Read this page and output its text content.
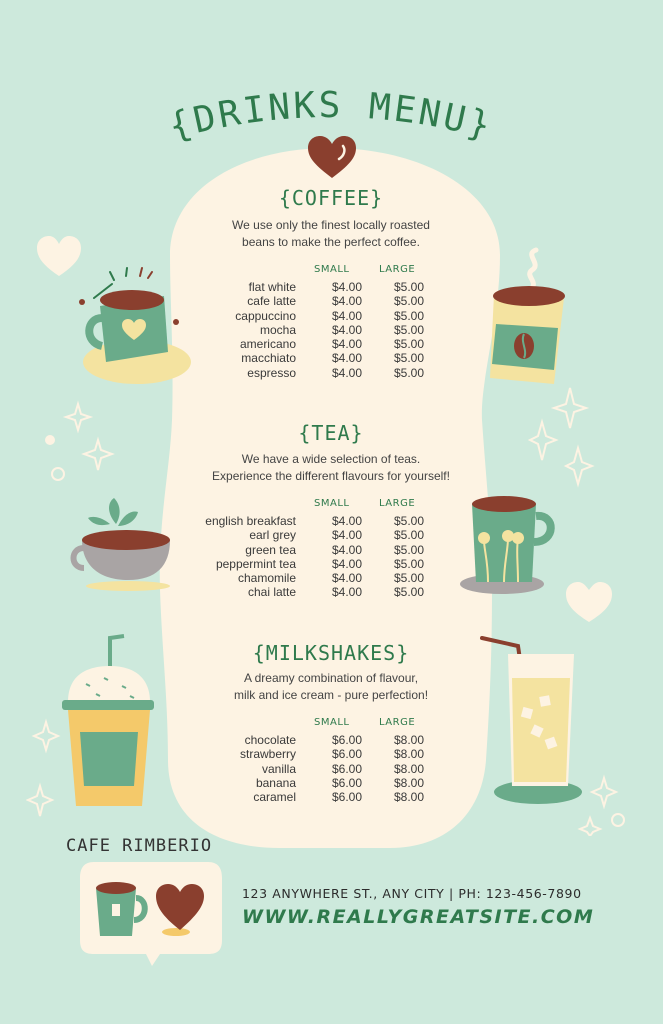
{DRINKS MENU}
{COFFEE}
We use only the finest locally roasted
beans to make the perfect coffee.
SMALL	LARGE
flat white	$4.00	$5.00
cafe latte	$4.00	$5.00
cappuccino	$4.00	$5.00
mocha	$4.00	$5.00
americano	$4.00	$5.00
macchiato	$4.00	$5.00
espresso	$4.00	$5.00
{TEA}
We have a wide selection of teas.
Experience the different flavours for yourself!
SMALL	LARGE
english breakfast	$4.00	$5.00
earl grey	$4.00	$5.00
green tea	$4.00	$5.00
peppermint tea	$4.00	$5.00
chamomile	$4.00	$5.00
chai latte	$4.00	$5.00
{MILKSHAKES}
A dreamy combination of flavour,
milk and ice cream - pure perfection!
SMALL	LARGE
chocolate	$6.00	$8.00
strawberry	$6.00	$8.00
vanilla	$6.00	$8.00
banana	$6.00	$8.00
caramel	$6.00	$8.00
CAFE RIMBERIO
123 ANYWHERE ST., ANY CITY | PH: 123-456-7890
WWW.REALLYGREATSITE.COM
